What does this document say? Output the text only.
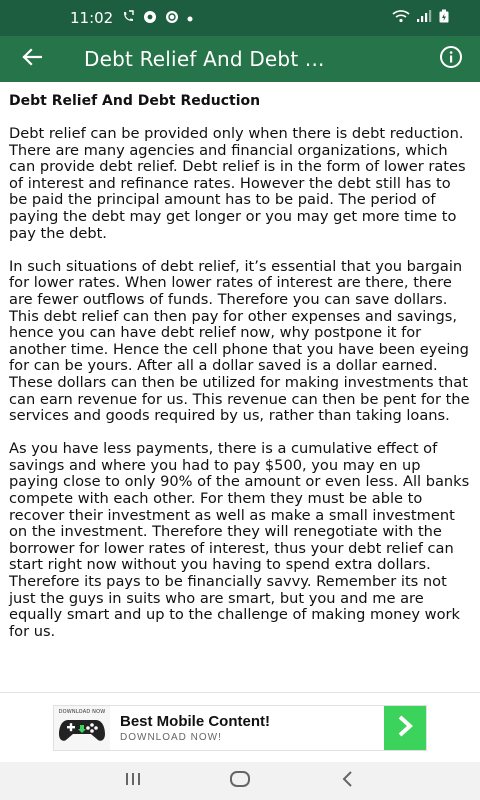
11:02
Debt Relief And Debt ...
Debt Relief And Debt Reduction

Debt relief can be provided only when there is debt reduction. There are many agencies and financial organizations, which can provide debt relief. Debt relief is in the form of lower rates of interest and refinance rates. However the debt still has to be paid the principal amount has to be paid. The period of paying the debt may get longer or you may get more time to pay the debt.

In such situations of debt relief, it’s essential that you bargain for lower rates. When lower rates of interest are there, there are fewer outflows of funds. Therefore you can save dollars. This debt relief can then pay for other expenses and savings, hence you can have debt relief now, why postpone it for another time. Hence the cell phone that you have been eyeing for can be yours. After all a dollar saved is a dollar earned. These dollars can then be utilized for making investments that can earn revenue for us. This revenue can then be pent for the services and goods required by us, rather than taking loans.

As you have less payments, there is a cumulative effect of savings and where you had to pay $500, you may en up paying close to only 90% of the amount or even less. All banks compete with each other. For them they must be able to recover their investment as well as make a small investment on the investment. Therefore they will renegotiate with the borrower for lower rates of interest, thus your debt relief can start right now without you having to spend extra dollars. Therefore its pays to be financially savvy. Remember its not just the guys in suits who are smart, but you and me are equally smart and up to the challenge of making money work for us.

DOWNLOAD NOW
Best Mobile Content!
DOWNLOAD NOW!
